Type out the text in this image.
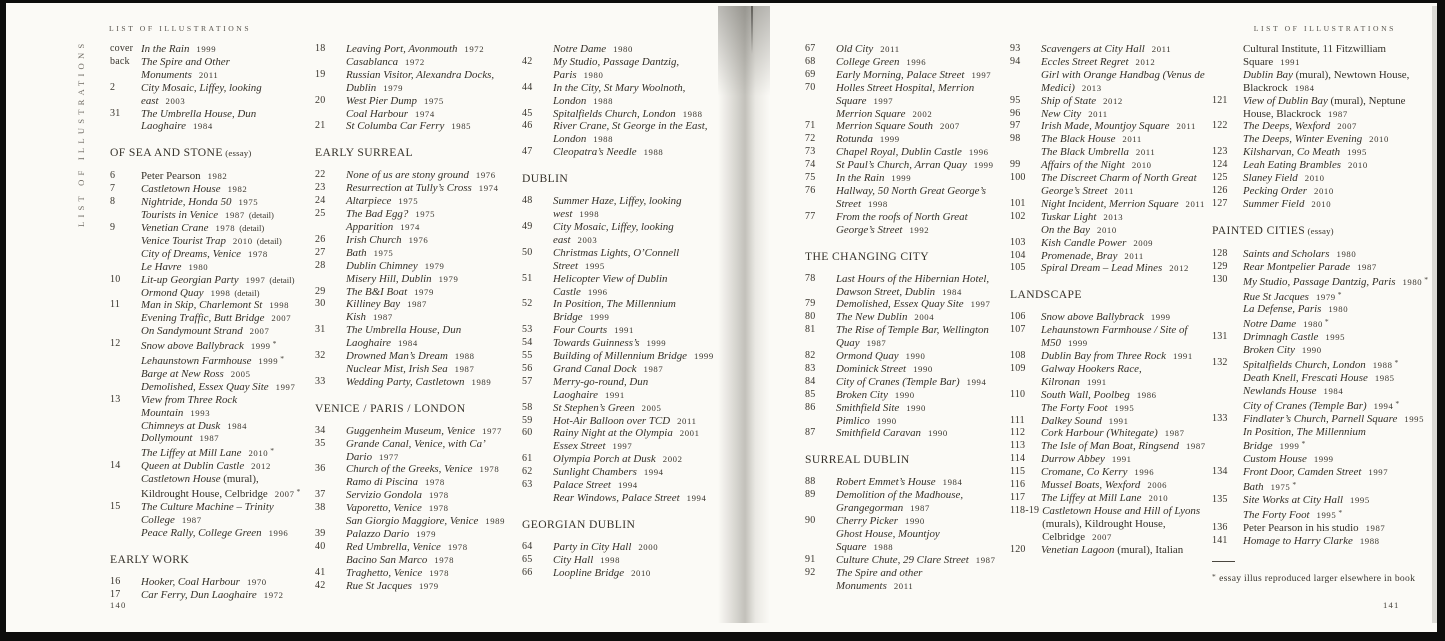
LIST OF ILLUSTRATIONS
LIST OF ILLUSTRATIONS cover In the Rain 1999
back	The Spire and Other Monuments 2011
2	City Mosaic, Liffey, looking east 2003
31	The Umbrella House, Dun Laoghaire 1984
OF SEA AND STONE (essay)
6	Peter Pearson 1982
7	Castletown House 1982
8	Nightride, Honda 50 1975
Tourists in Venice 1987 (detail)
9	Venetian Crane 1978 (detail)
Venice Tourist Trap 2010 (detail)
City of Dreams, Venice 1978
Le Havre 1980
10	Lit-up Georgian Party 1997 (detail)
Ormond Quay 1998 (detail)
11	Man in Skip, Charlemont St 1998
Evening Traffic, Butt Bridge 2007
On Sandymount Strand 2007
12	Snow above Ballybrack 1999 *
Lehaunstown Farmhouse 1999 *
Barge at New Ross 2005
Demolished, Essex Quay Site 1997
13	View from Three Rock Mountain 1993
Chimneys at Dusk 1984
Dollymount 1987
The Liffey at Mill Lane 2010 *
14	Queen at Dublin Castle 2012
Castletown House (mural), Kildrought House, Celbridge 2007 *
15	The Culture Machine – Trinity College 1987
Peace Rally, College Green 1996
EARLY WORK
16	Hooker, Coal Harbour 1970
17	Car Ferry, Dun Laoghaire 1972
18	Leaving Port, Avonmouth 1972
Casablanca 1972
19	Russian Visitor, Alexandra Docks, Dublin 1979
20	West Pier Dump 1975
Coal Harbour 1974
21	St Columba Car Ferry 1985
EARLY SURREAL
22	None of us are stony ground 1976
23	Resurrection at Tully’s Cross 1974
24	Altarpiece 1975
25	The Bad Egg? 1975
Apparition 1974
26	Irish Church 1976
27	Bath 1975
28	Dublin Chimney 1979
Misery Hill, Dublin 1979
29	The B&I Boat 1979
30	Killiney Bay 1987
Kish 1987
31	The Umbrella House, Dun Laoghaire 1984
32	Drowned Man’s Dream 1988
Nuclear Mist, Irish Sea 1987
33	Wedding Party, Castletown 1989
VENICE / PARIS / LONDON
34	Guggenheim Museum, Venice 1977
35	Grande Canal, Venice, with Ca’ Dario 1977
36	Church of the Greeks, Venice 1978
Ramo di Piscina 1978
37	Servizio Gondola 1978
38	Vaporetto, Venice 1978
San Giorgio Maggiore, Venice 1989
39	Palazzo Dario 1979
40	Red Umbrella, Venice 1978
Bacino San Marco 1978
41	Traghetto, Venice 1978
42	Rue St Jacques 1979
Notre Dame 1980
42	My Studio, Passage Dantzig, Paris 1980
44	In the City, St Mary Woolnoth, London 1988
45	Spitalfields Church, London 1988
46	River Crane, St George in the East, London 1988
47	Cleopatra’s Needle 1988
DUBLIN
48	Summer Haze, Liffey, looking west 1998
49	City Mosaic, Liffey, looking east 2003
50	Christmas Lights, O’Connell Street 1995
51	Helicopter View of Dublin Castle 1996
52	In Position, The Millennium Bridge 1999
53	Four Courts 1991
54	Towards Guinness’s 1999
55	Building of Millennium Bridge 1999
56	Grand Canal Dock 1987
57	Merry-go-round, Dun Laoghaire 1991
58	St Stephen’s Green 2005
59	Hot-Air Balloon over TCD 2011
60	Rainy Night at the Olympia 2001
Essex Street 1997
61	Olympia Porch at Dusk 2002
62	Sunlight Chambers 1994
63	Palace Street 1994
Rear Windows, Palace Street 1994
GEORGIAN DUBLIN
64	Party in City Hall 2000
65	City Hall 1998
66	Loopline Bridge 2010
140
LIST OF ILLUSTRATIONS
67	Old City 2011
68	College Green 1996
69	Early Morning, Palace Street 1997
70	Holles Street Hospital, Merrion Square 1997
Merrion Square 2002
71	Merrion Square South 2007
72	Rotunda 1999
73	Chapel Royal, Dublin Castle 1996
74	St Paul’s Church, Arran Quay 1999
75	In the Rain 1999
76	Hallway, 50 North Great George’s Street 1998
77	From the roofs of North Great George’s Street 1992
THE CHANGING CITY
78	Last Hours of the Hibernian Hotel, Dawson Street, Dublin 1984
79	Demolished, Essex Quay Site 1997
80	The New Dublin 2004
81	The Rise of Temple Bar, Wellington Quay 1987
82	Ormond Quay 1990
83	Dominick Street 1990
84	City of Cranes (Temple Bar) 1994
85	Broken City 1990
86	Smithfield Site 1990
Pimlico 1990
87	Smithfield Caravan 1990
SURREAL DUBLIN
88	Robert Emmet’s House 1984
89	Demolition of the Madhouse, Grangegorman 1987
90	Cherry Picker 1990
Ghost House, Mountjoy Square 1988
91	Culture Chute, 29 Clare Street 1987
92	The Spire and other Monuments 2011
93	Scavengers at City Hall 2011
94	Eccles Street Regret 2012
Girl with Orange Handbag (Venus de Medici) 2013
95	Ship of State 2012
96	New City 2011
97	Irish Made, Mountjoy Square 2011
98	The Black House 2011
The Black Umbrella 2011
99	Affairs of the Night 2010
100	The Discreet Charm of North Great George’s Street 2011
101	Night Incident, Merrion Square 2011
102	Tuskar Light 2013
On the Bay 2010
103	Kish Candle Power 2009
104	Promenade, Bray 2011
105	Spiral Dream – Lead Mines 2012
LANDSCAPE
106	Snow above Ballybrack 1999
107	Lehaunstown Farmhouse / Site of M50 1999
108	Dublin Bay from Three Rock 1991
109	Galway Hookers Race, Kilronan 1991
110	South Wall, Poolbeg 1986
The Forty Foot 1995
111	Dalkey Sound 1991
112	Cork Harbour (Whitegate) 1987
113	The Isle of Man Boat, Ringsend 1987
114	Durrow Abbey 1991
115	Cromane, Co Kerry 1996
116	Mussel Boats, Wexford 2006
117	The Liffey at Mill Lane 2010
118-19 Castletown House and Hill of Lyons (murals), Kildrought House, Celbridge 2007
120	Venetian Lagoon (mural), Italian
Cultural Institute, 11 Fitzwilliam Square 1991
Dublin Bay (mural), Newtown House, Blackrock 1984
121	View of Dublin Bay (mural), Neptune House, Blackrock 1987
122	The Deeps, Wexford 2007
The Deeps, Winter Evening 2010
123	Kilsharvan, Co Meath 1995
124	Leah Eating Brambles 2010
125	Slaney Field 2010
126	Pecking Order 2010
127	Summer Field 2010
PAINTED CITIES (essay)
128	Saints and Scholars 1980
129	Rear Montpelier Parade 1987
130	My Studio, Passage Dantzig, Paris 1980 *
Rue St Jacques 1979 *
La Defense, Paris 1980
Notre Dame 1980 *
131	Drimnagh Castle 1995
Broken City 1990
132	Spitalfields Church, London 1988 *
Death Knell, Frescati House 1985
Newlands House 1984
City of Cranes (Temple Bar) 1994 *
133	Findlater’s Church, Parnell Square 1995
In Position, The Millennium Bridge 1999 *
Custom House 1999
134	Front Door, Camden Street 1997
Bath 1975 *
135	Site Works at City Hall 1995
The Forty Foot 1995 *
136	Peter Pearson in his studio 1987
141	Homage to Harry Clarke 1988
* essay illus reproduced larger elsewhere in book
141
